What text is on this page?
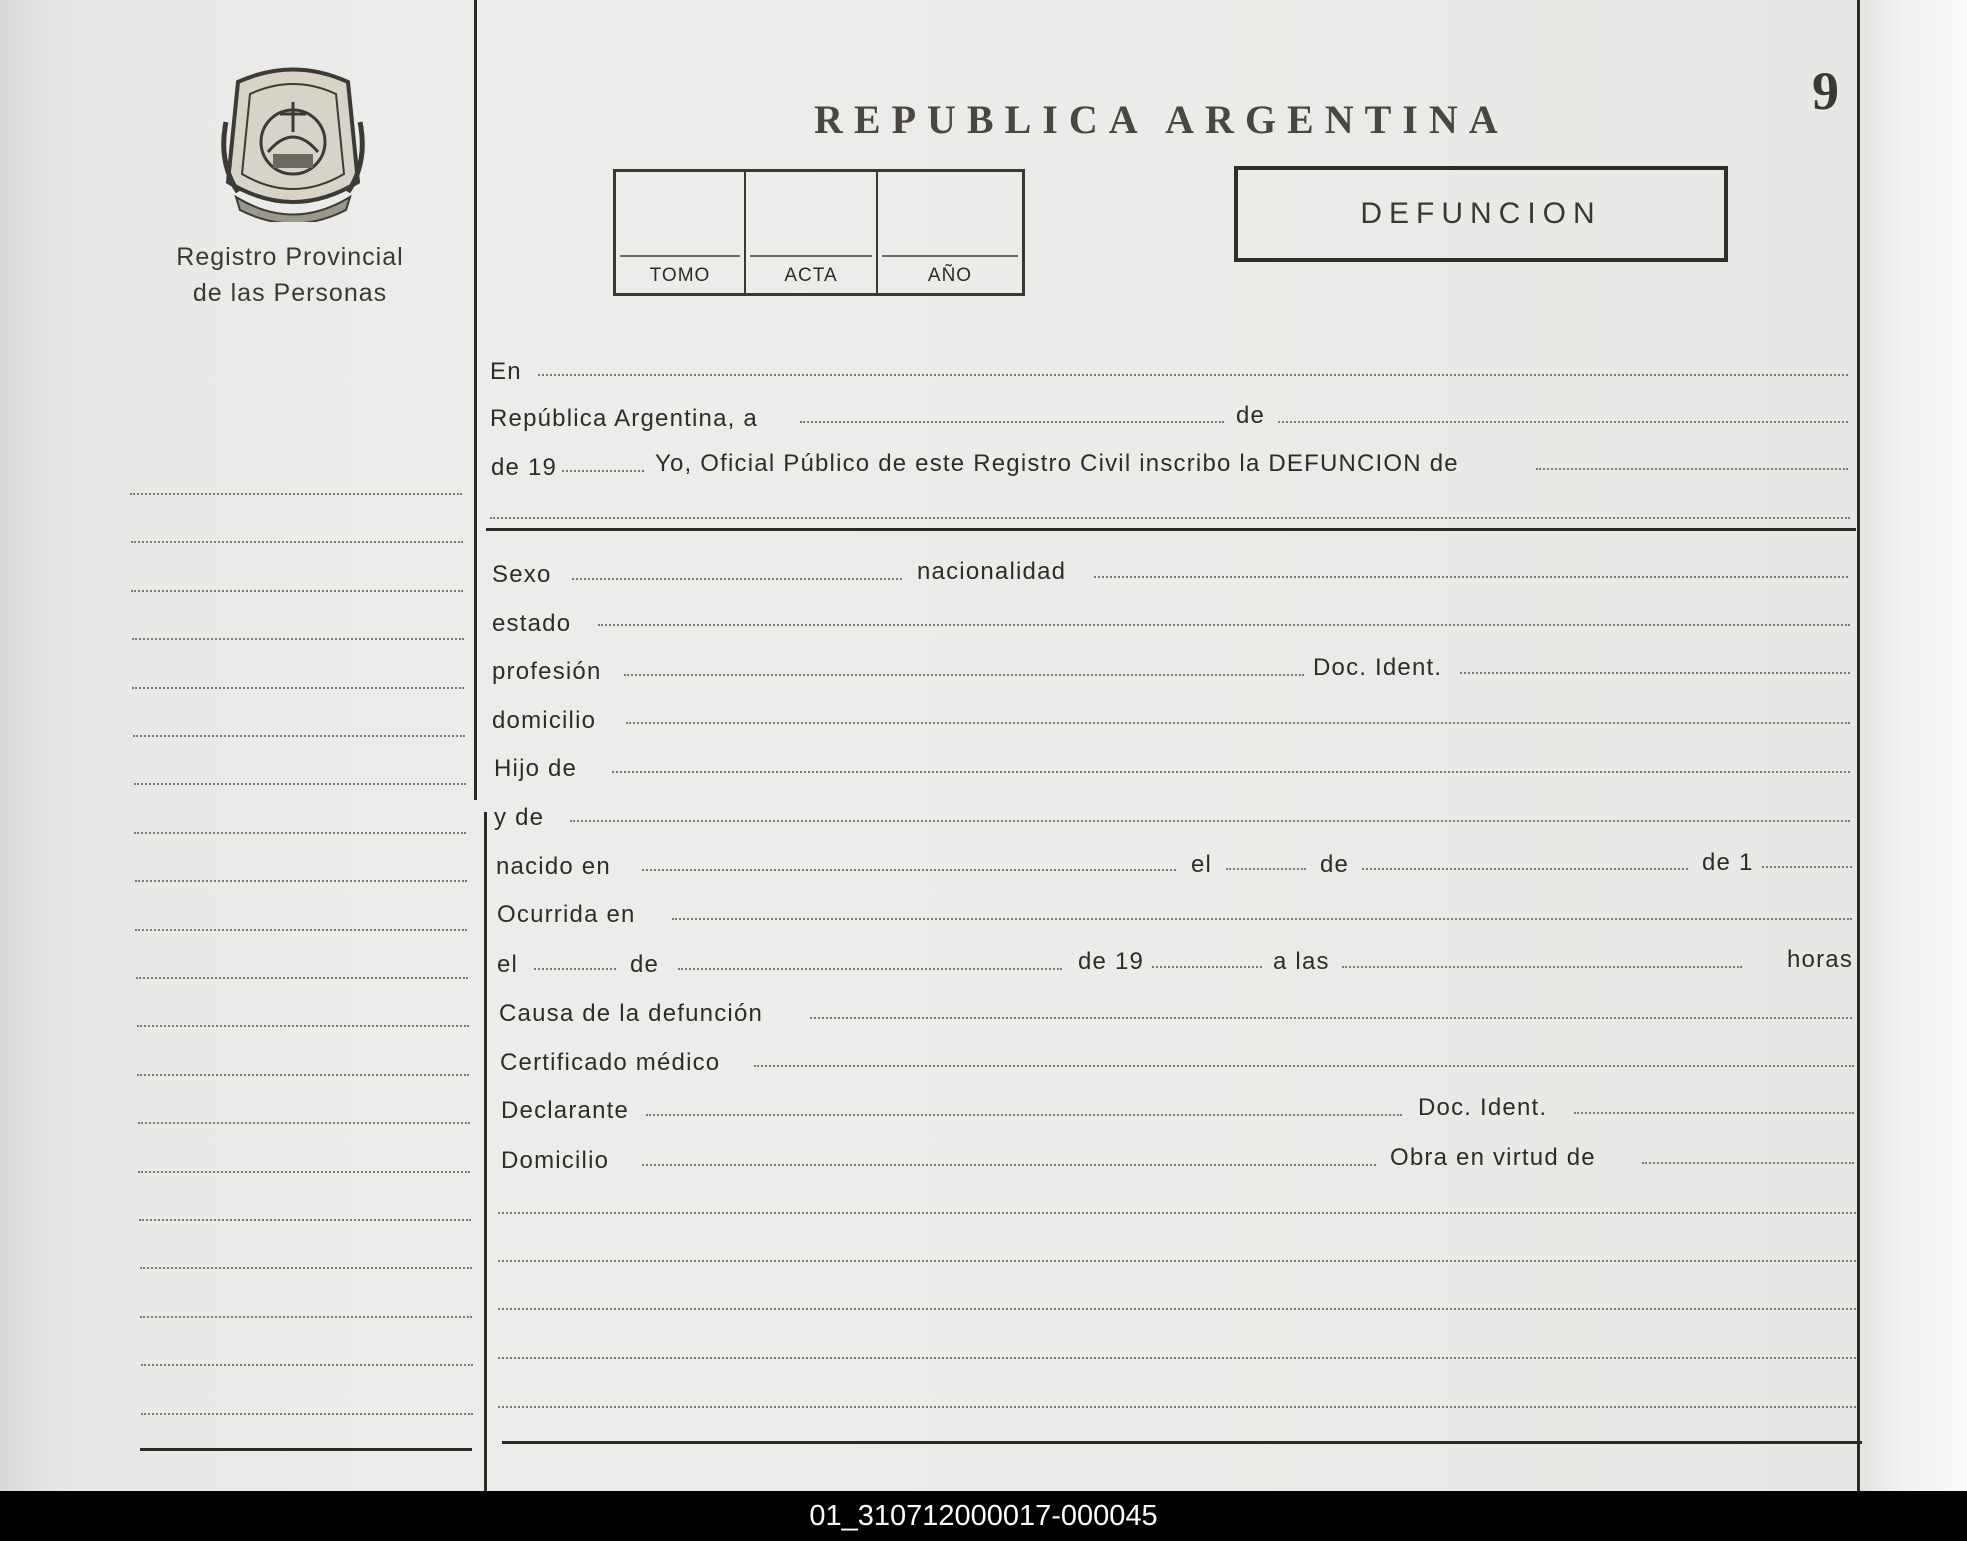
Registro Provincial
de las Personas
REPUBLICA ARGENTINA	9
TOMO	ACTA	AÑO
DEFUNCION
En
República Argentina, a	de
de 19	Yo, Oficial Público de este Registro Civil inscribo la DEFUNCION de
Sexo	nacionalidad
estado
profesión	Doc. Ident.
domicilio
Hijo de
y de
nacido en	el	de	de 1
Ocurrida en
el	de	de 19	a las	horas
Causa de la defunción
Certificado médico
Declarante	Doc. Ident.
Domicilio	Obra en virtud de
01_310712000017-000045
